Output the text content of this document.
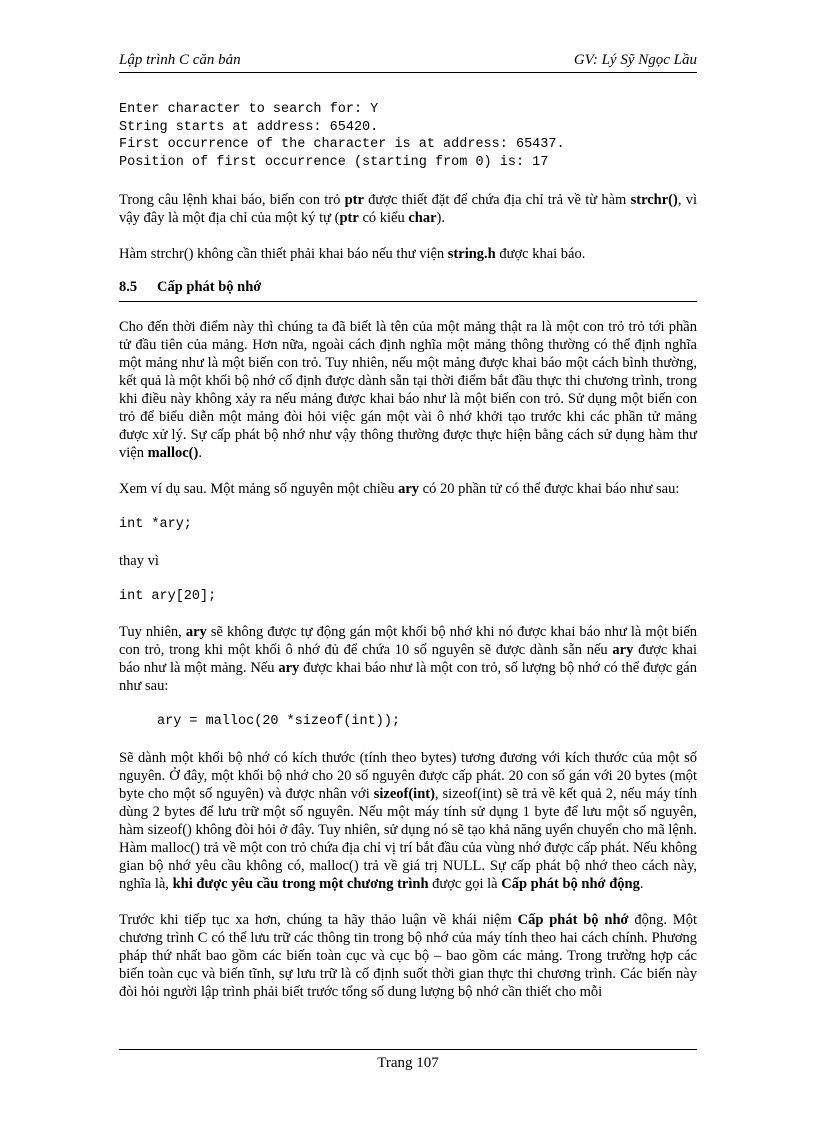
Lập trình C căn bản	GV: Lý Sỹ Ngọc Lầu
Enter character to search for: Y
String starts at address: 65420.
First occurrence of the character is at address: 65437.
Position of first occurrence (starting from 0) is: 17

Trong câu lệnh khai báo, biến con trỏ ptr được thiết đặt để chứa địa chỉ trả về từ hàm strchr(), vì vậy đây là một địa chỉ của một ký tự (ptr có kiểu char).

Hàm strchr() không cần thiết phải khai báo nếu thư viện string.h được khai báo.

8.5 Cấp phát bộ nhớ

Cho đến thời điểm này thì chúng ta đã biết là tên của một mảng thật ra là một con trỏ trỏ tới phần tử đầu tiên của mảng. Hơn nữa, ngoài cách định nghĩa một mảng thông thường có thể định nghĩa một mảng như là một biến con trỏ. Tuy nhiên, nếu một mảng được khai báo một cách bình thường, kết quả là một khối bộ nhớ cố định được dành sẵn tại thời điểm bắt đầu thực thi chương trình, trong khi điều này không xảy ra nếu mảng được khai báo như là một biến con trỏ. Sử dụng một biến con trỏ để biểu diễn một mảng đòi hỏi việc gán một vài ô nhớ khởi tạo trước khi các phần tử mảng được xử lý. Sự cấp phát bộ nhớ như vậy thông thường được thực hiện bằng cách sử dụng hàm thư viện malloc().

Xem ví dụ sau. Một mảng số nguyên một chiều ary có 20 phần tử có thể được khai báo như sau:

int *ary;

thay vì

int ary[20];

Tuy nhiên, ary sẽ không được tự động gán một khối bộ nhớ khi nó được khai báo như là một biến con trỏ, trong khi một khối ô nhớ đủ để chứa 10 số nguyên sẽ được dành sẵn nếu ary được khai báo như là một mảng. Nếu ary được khai báo như là một con trỏ, số lượng bộ nhớ có thể được gán như sau:

ary = malloc(20 *sizeof(int));

Sẽ dành một khối bộ nhớ có kích thước (tính theo bytes) tương đương với kích thước của một số nguyên. Ở đây, một khối bộ nhớ cho 20 số nguyên được cấp phát. 20 con số gán với 20 bytes (một byte cho một số nguyên) và được nhân với sizeof(int), sizeof(int) sẽ trả về kết quả 2, nếu máy tính dùng 2 bytes để lưu trữ một số nguyên. Nếu một máy tính sử dụng 1 byte để lưu một số nguyên, hàm sizeof() không đòi hỏi ở đây. Tuy nhiên, sử dụng nó sẽ tạo khả năng uyển chuyển cho mã lệnh. Hàm malloc() trả về một con trỏ chứa địa chỉ vị trí bắt đầu của vùng nhớ được cấp phát. Nếu không gian bộ nhớ yêu cầu không có, malloc() trả về giá trị NULL. Sự cấp phát bộ nhớ theo cách này, nghĩa là, khi được yêu cầu trong một chương trình được gọi là Cấp phát bộ nhớ động.

Trước khi tiếp tục xa hơn, chúng ta hãy thảo luận về khái niệm Cấp phát bộ nhớ động. Một chương trình C có thể lưu trữ các thông tin trong bộ nhớ của máy tính theo hai cách chính. Phương pháp thứ nhất bao gồm các biến toàn cục và cục bộ – bao gồm các mảng. Trong trường hợp các biến toàn cục và biến tĩnh, sự lưu trữ là cố định suốt thời gian thực thi chương trình. Các biến này đòi hỏi người lập trình phải biết trước tổng số dung lượng bộ nhớ cần thiết cho mỗi

Trang 107
